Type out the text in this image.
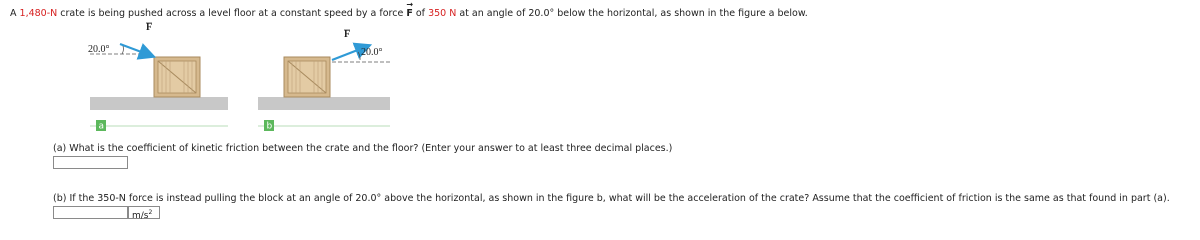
A 1,480-N crate is being pushed across a level floor at a constant speed by a force → F of 350 N at an angle of 20.0° below the horizontal, as shown in the figure a below.
20.0°
F
20.0°
F
a	b
(a) What is the coefficient of kinetic friction between the crate and the floor? (Enter your answer to at least three decimal places.)
(b) If the 350-N force is instead pulling the block at an angle of 20.0° above the horizontal, as shown in the figure b, what will be the acceleration of the crate? Assume that the coefficient of friction is the same as that found in part (a).
$m/s^2$
